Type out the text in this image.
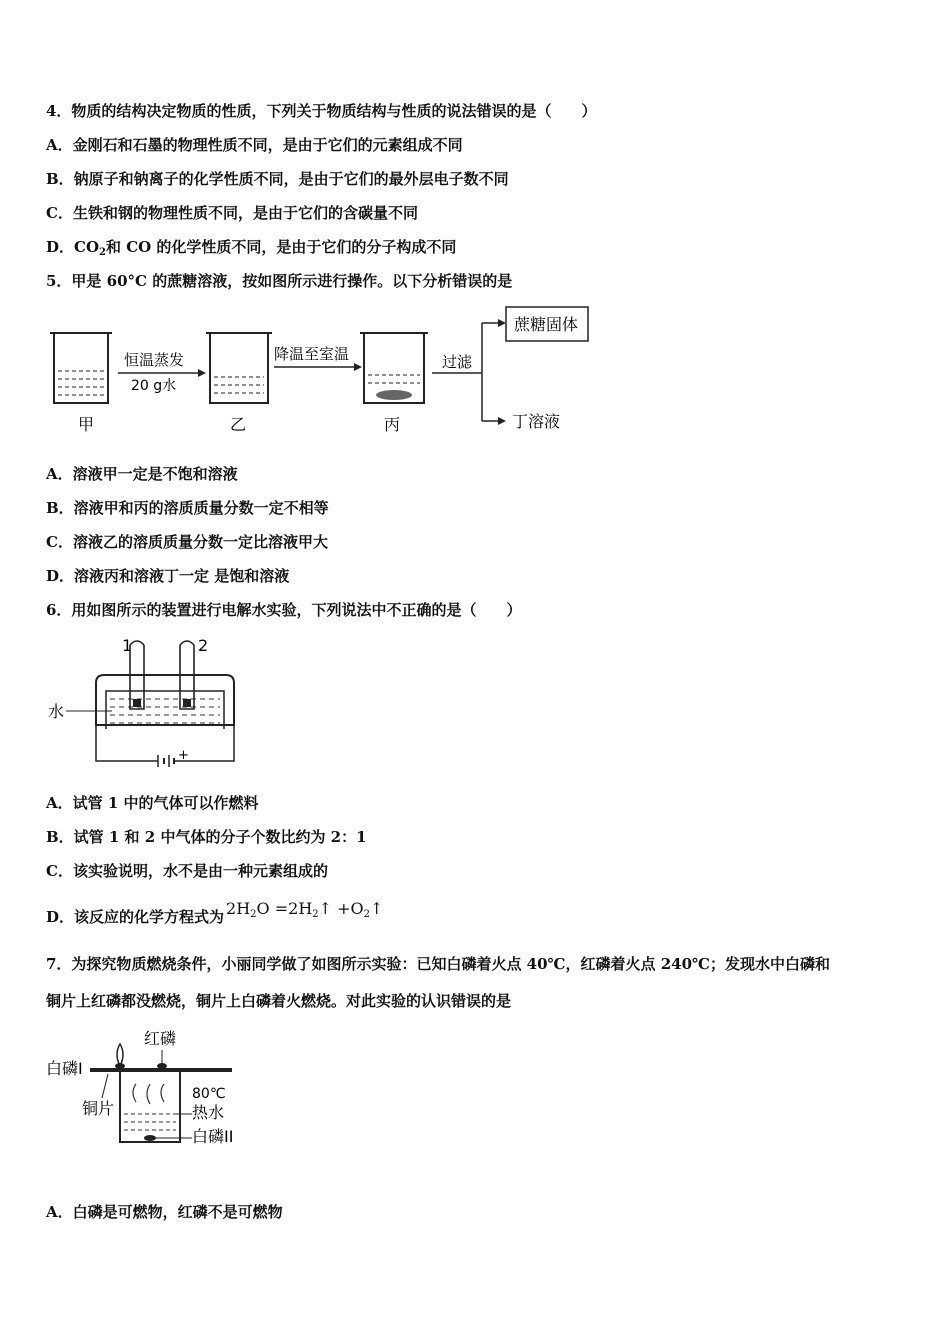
4．物质的结构决定物质的性质，下列关于物质结构与性质的说法错误的是（　　）
A．金刚石和石墨的物理性质不同，是由于它们的元素组成不同
B．钠原子和钠离子的化学性质不同，是由于它们的最外层电子数不同
C．生铁和钢的物理性质不同，是由于它们的含碳量不同
D．$CO_2$和 CO 的化学性质不同，是由于它们的分子构成不同
5．甲是 60°C 的蔗糖溶液，按如图所示进行操作。以下分析错误的是
恒温蒸发
20 g水
降温至室温	过滤
蔗糖固体
丁溶液
甲	乙	丙
A．溶液甲一定是不饱和溶液
B．溶液甲和丙的溶质质量分数一定不相等
C．溶液乙的溶质质量分数一定比溶液甲大
D．溶液丙和溶液丁一定 是饱和溶液
6．用如图所示的装置进行电解水实验，下列说法中不正确的是（　　）
+
1	2
水
A．试管 1 中的气体可以作燃料
B．试管 1 和 2 中气体的分子个数比约为 2：1
C．该实验说明，水不是由一种元素组成的
D．该反应的化学方程式为 $2H_2O$ $=2H_2↑$ $+O_2↑$
7．为探究物质燃烧条件，小丽同学做了如图所示实验：已知白磷着火点 40℃，红磷着火点 240℃；发现水中白磷和
铜片上红磷都没燃烧，铜片上白磷着火燃烧。对此实验的认识错误的是
红磷
白磷I
铜片
80℃
热水
白磷II
A．白磷是可燃物，红磷不是可燃物
